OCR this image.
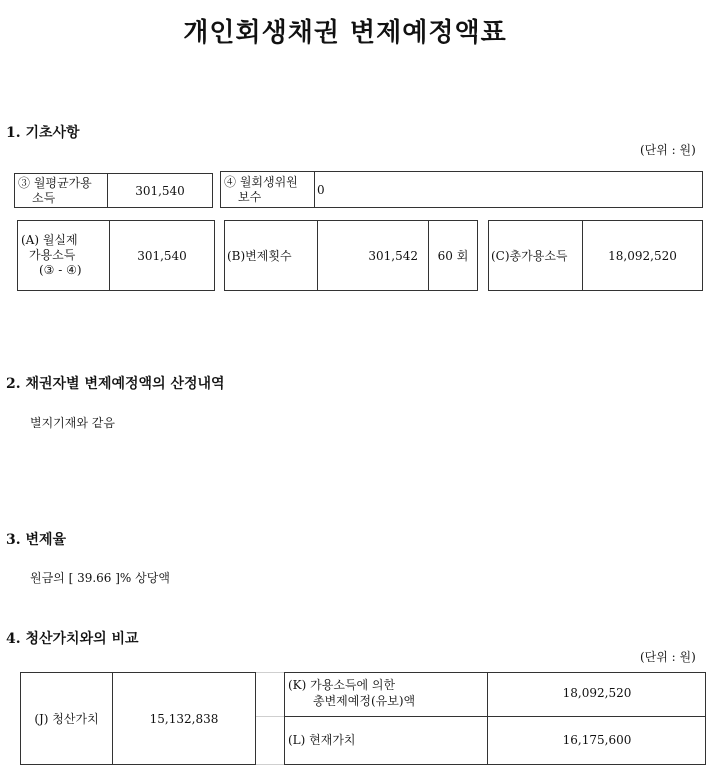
개인회생채권 변제예정액표
1. 기초사항
(단위 : 원)
③ 월평균가용
소득	301,540
④ 월회생위원
보수	0
(A) 월실제
가용소득
(③ - ④)
301,540	(B)변제횟수	301,542	60 회	(C)총가용소득	18,092,520
2. 채권자별 변제예정액의 산정내역
별지기재와 같음
3. 변제율
원금의 [ 39.66 ]% 상당액
4. 청산가치와의 비교
(단위 : 원)
(J) 청산가치	15,132,838
(K) 가용소득에 의한
총변제예정(유보)액
18,092,520
(L) 현재가치	16,175,600
